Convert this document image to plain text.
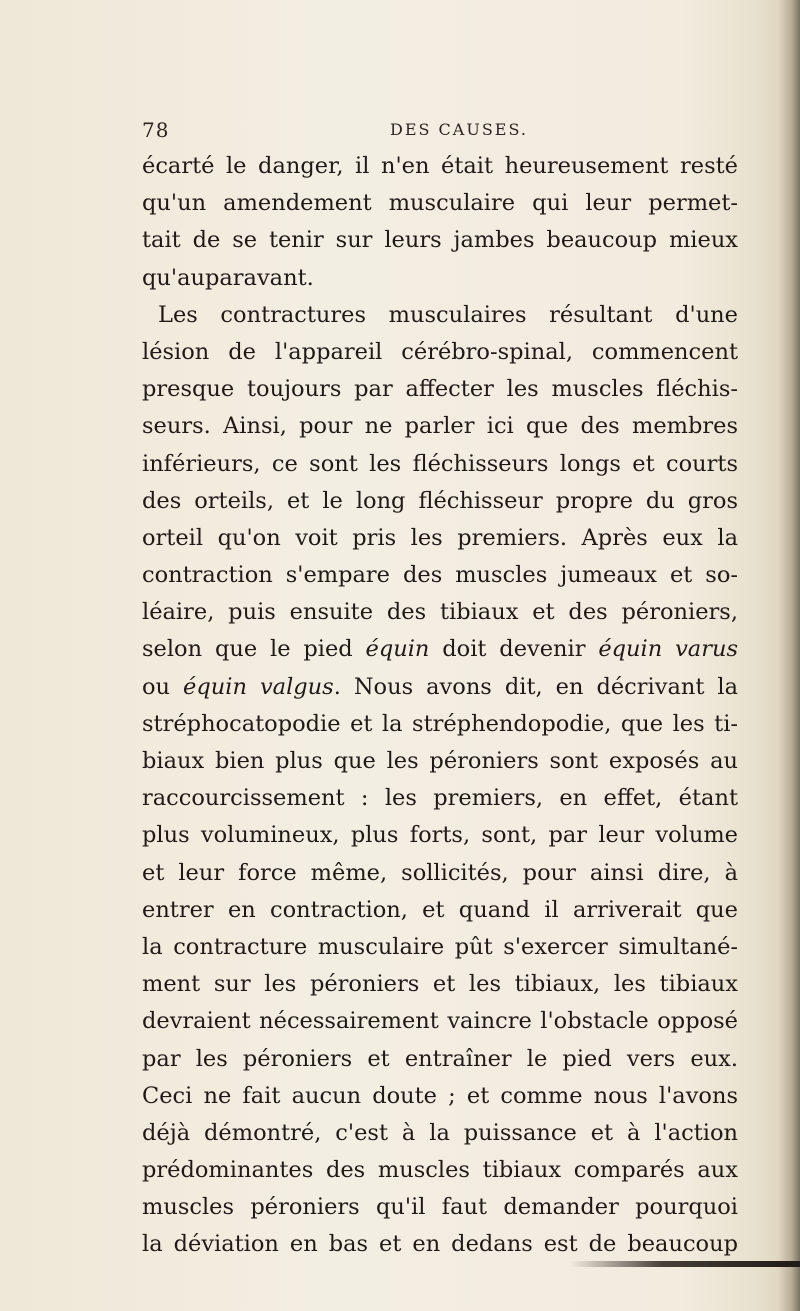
78	DES CAUSES.
écarté le danger, il n'en était heureusement resté
qu'un amendement musculaire qui leur permet-
tait de se tenir sur leurs jambes beaucoup mieux
qu'auparavant.
Les contractures musculaires résultant d'une
lésion de l'appareil cérébro-spinal, commencent
presque toujours par affecter les muscles fléchis-
seurs. Ainsi, pour ne parler ici que des membres
inférieurs, ce sont les fléchisseurs longs et courts
des orteils, et le long fléchisseur propre du gros
orteil qu'on voit pris les premiers. Après eux la
contraction s'empare des muscles jumeaux et so-
léaire, puis ensuite des tibiaux et des péroniers,
selon que le pied équin doit devenir équin varus
ou équin valgus. Nous avons dit, en décrivant la
stréphocatopodie et la stréphendopodie, que les ti-
biaux bien plus que les péroniers sont exposés au
raccourcissement : les premiers, en effet, étant
plus volumineux, plus forts, sont, par leur volume
et leur force même, sollicités, pour ainsi dire, à
entrer en contraction, et quand il arriverait que
la contracture musculaire pût s'exercer simultané-
ment sur les péroniers et les tibiaux, les tibiaux
devraient nécessairement vaincre l'obstacle opposé
par les péroniers et entraîner le pied vers eux.
Ceci ne fait aucun doute ; et comme nous l'avons
déjà démontré, c'est à la puissance et à l'action
prédominantes des muscles tibiaux comparés aux
muscles péroniers qu'il faut demander pourquoi
la déviation en bas et en dedans est de beaucoup
